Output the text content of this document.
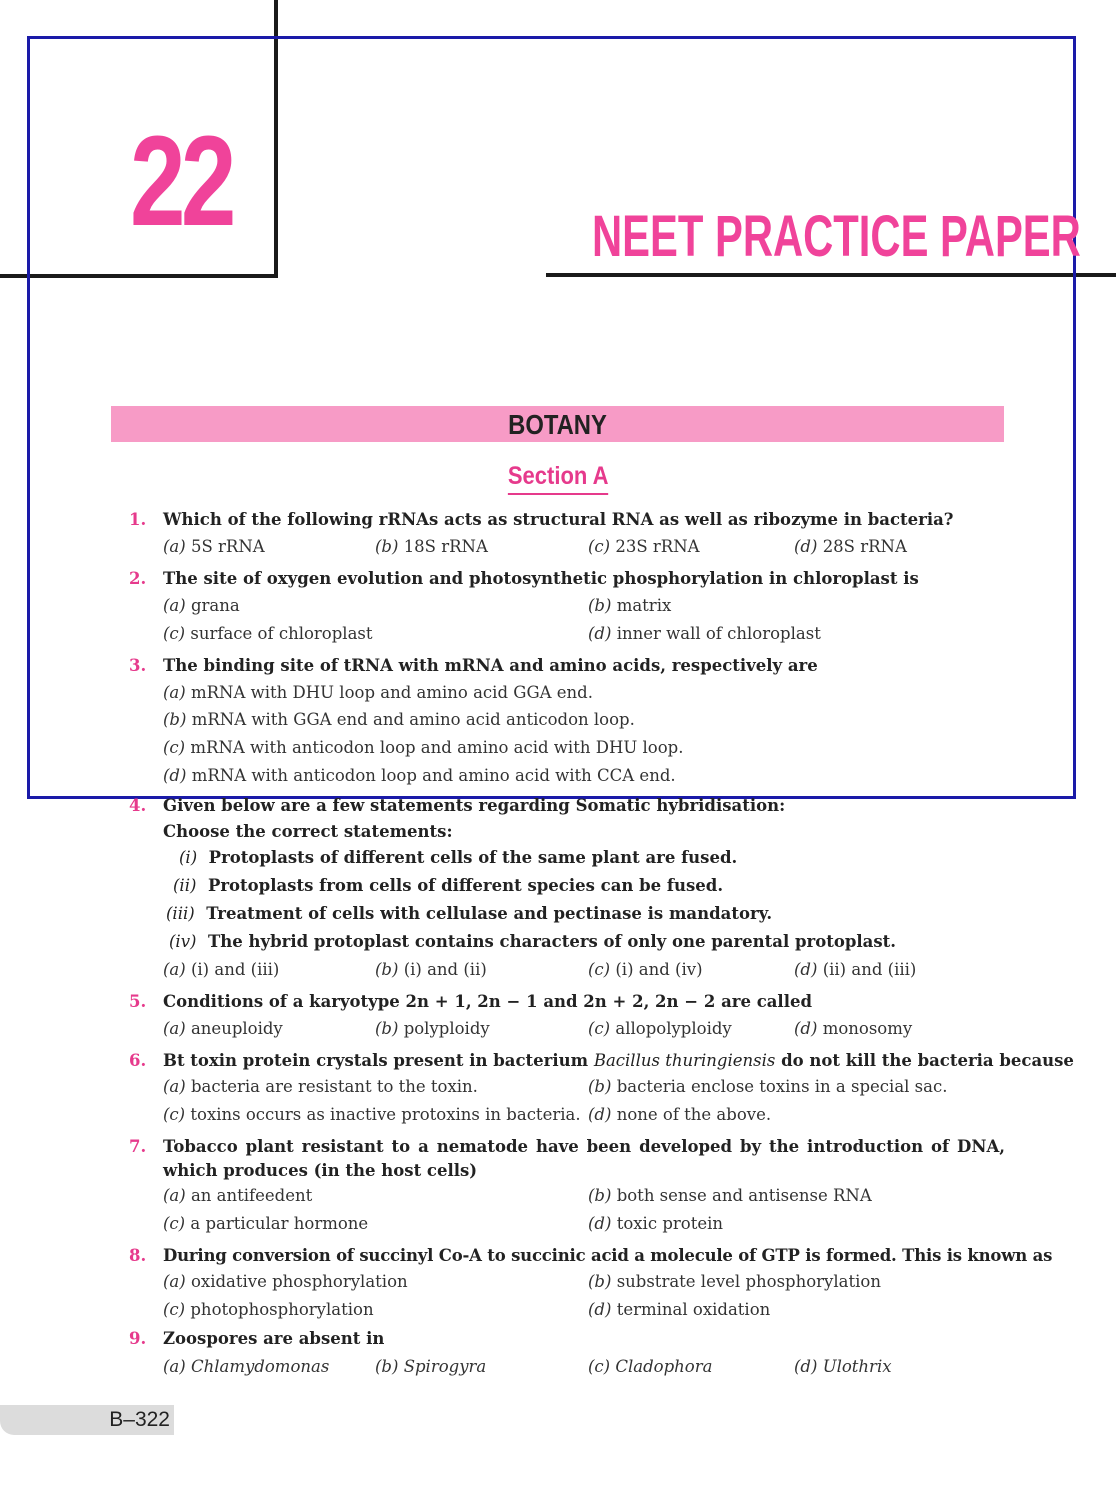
22	NEET PRACTICE PAPER
BOTANY
Section A
1. Which of the following rRNAs acts as structural RNA as well as ribozyme in bacteria?
(a) 5S rRNA	(b) 18S rRNA	(c) 23S rRNA	(d) 28S rRNA
2. The site of oxygen evolution and photosynthetic phosphorylation in chloroplast is
(a) grana	(b) matrix
(c) surface of chloroplast	(d) inner wall of chloroplast
3. The binding site of tRNA with mRNA and amino acids, respectively are
(a) mRNA with DHU loop and amino acid GGA end.
(b) mRNA with GGA end and amino acid anticodon loop.
(c) mRNA with anticodon loop and amino acid with DHU loop.
(d) mRNA with anticodon loop and amino acid with CCA end.
4. Given below are a few statements regarding Somatic hybridisation:
Choose the correct statements:
(i) Protoplasts of different cells of the same plant are fused.
(ii) Protoplasts from cells of different species can be fused.
(iii) Treatment of cells with cellulase and pectinase is mandatory.
(iv) The hybrid protoplast contains characters of only one parental protoplast.
(a) (i) and (iii)	(b) (i) and (ii)	(c) (i) and (iv)	(d) (ii) and (iii)
5. Conditions of a karyotype 2n + 1, 2n − 1 and 2n + 2, 2n − 2 are called
(a) aneuploidy	(b) polyploidy	(c) allopolyploidy	(d) monosomy
6. Bt toxin protein crystals present in bacterium Bacillus thuringiensis do not kill the bacteria because
(a) bacteria are resistant to the toxin.	(b) bacteria enclose toxins in a special sac.
(c) toxins occurs as inactive protoxins in bacteria. (d) none of the above.
7. Tobacco plant resistant to a nematode have been developed by the introduction of DNA, which produces (in the host cells)
(a) an antifeedent	(b) both sense and antisense RNA
(c) a particular hormone	(d) toxic protein
8. During conversion of succinyl Co-A to succinic acid a molecule of GTP is formed. This is known as
(a) oxidative phosphorylation	(b) substrate level phosphorylation
(c) photophosphorylation	(d) terminal oxidation
9. Zoospores are absent in
(a) Chlamydomonas	(b) Spirogyra	(c) Cladophora	(d) Ulothrix
B–322
